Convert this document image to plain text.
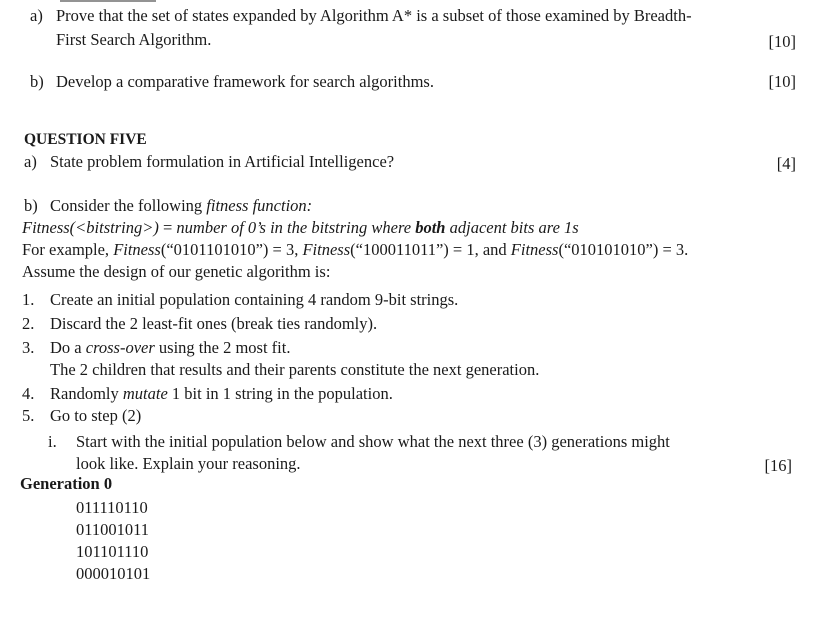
a) Prove that the set of states expanded by Algorithm A* is a subset of those examined by Breadth-
First Search Algorithm.	[10]
b) Develop a comparative framework for search algorithms.	[10]
QUESTION FIVE
a) State problem formulation in Artificial Intelligence?	[4]
b) Consider the following fitness function:
Fitness(<bitstring>) = number of 0’s in the bitstring where both adjacent bits are 1s
For example, Fitness(“0101101010”) = 3, Fitness(“100011011”) = 1, and Fitness(“010101010”) = 3.
Assume the design of our genetic algorithm is:
1. Create an initial population containing 4 random 9-bit strings.
2. Discard the 2 least-fit ones (break ties randomly).
3. Do a cross-over using the 2 most fit.
The 2 children that results and their parents constitute the next generation.
4. Randomly mutate 1 bit in 1 string in the population.
5. Go to step (2)
i. Start with the initial population below and show what the next three (3) generations might
look like. Explain your reasoning.	[16]
Generation 0
011110110
011001011
101101110
000010101
